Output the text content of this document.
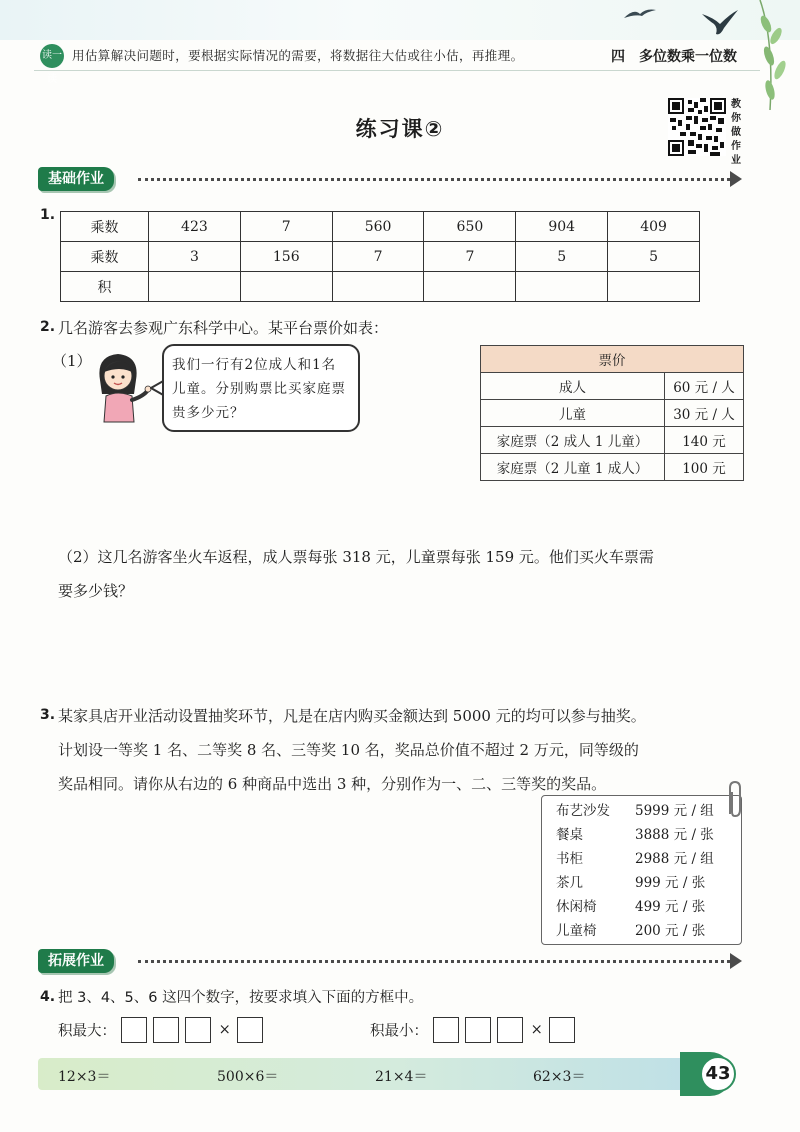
读一读
用估算解决问题时，要根据实际情况的需要，将数据往大估或往小估，再推理。	四 多位数乘一位数
练习课②
教你做作业
基础作业
1.
乘数	423	7	560	650	904	409
乘数	3	156	7	7	5	5
积						
2. 几名游客去参观广东科学中心。某平台票价如表：
（1）	我们一行有2位成人和1名儿童。分别购票比买家庭票贵多少元？
票价	
成人	60 元 / 人
儿童	30 元 / 人
家庭票（2 成人 1 儿童）	140 元
家庭票（2 儿童 1 成人）	100 元
（2）这几名游客坐火车返程，成人票每张 318 元，儿童票每张 159 元。他们买火车票需
要多少钱？
3. 某家具店开业活动设置抽奖环节，凡是在店内购买金额达到 5000 元的均可以参与抽奖。
计划设一等奖 1 名、二等奖 8 名、三等奖 10 名，奖品总价值不超过 2 万元，同等级的
奖品相同。请你从右边的 6 种商品中选出 3 种，分别作为一、二、三等奖的奖品。
布艺沙发 5999 元 / 组
餐桌	3888 元 / 张
书柜	2988 元 / 组
茶几	999 元 / 张
休闲椅	499 元 / 张
儿童椅	200 元 / 张
拓展作业
4. 把 3、4、5、6 这四个数字，按要求填入下面的方框中。
积最大：	×	积最小：	×
12×3＝	500×6＝	21×4＝	62×3＝	43
